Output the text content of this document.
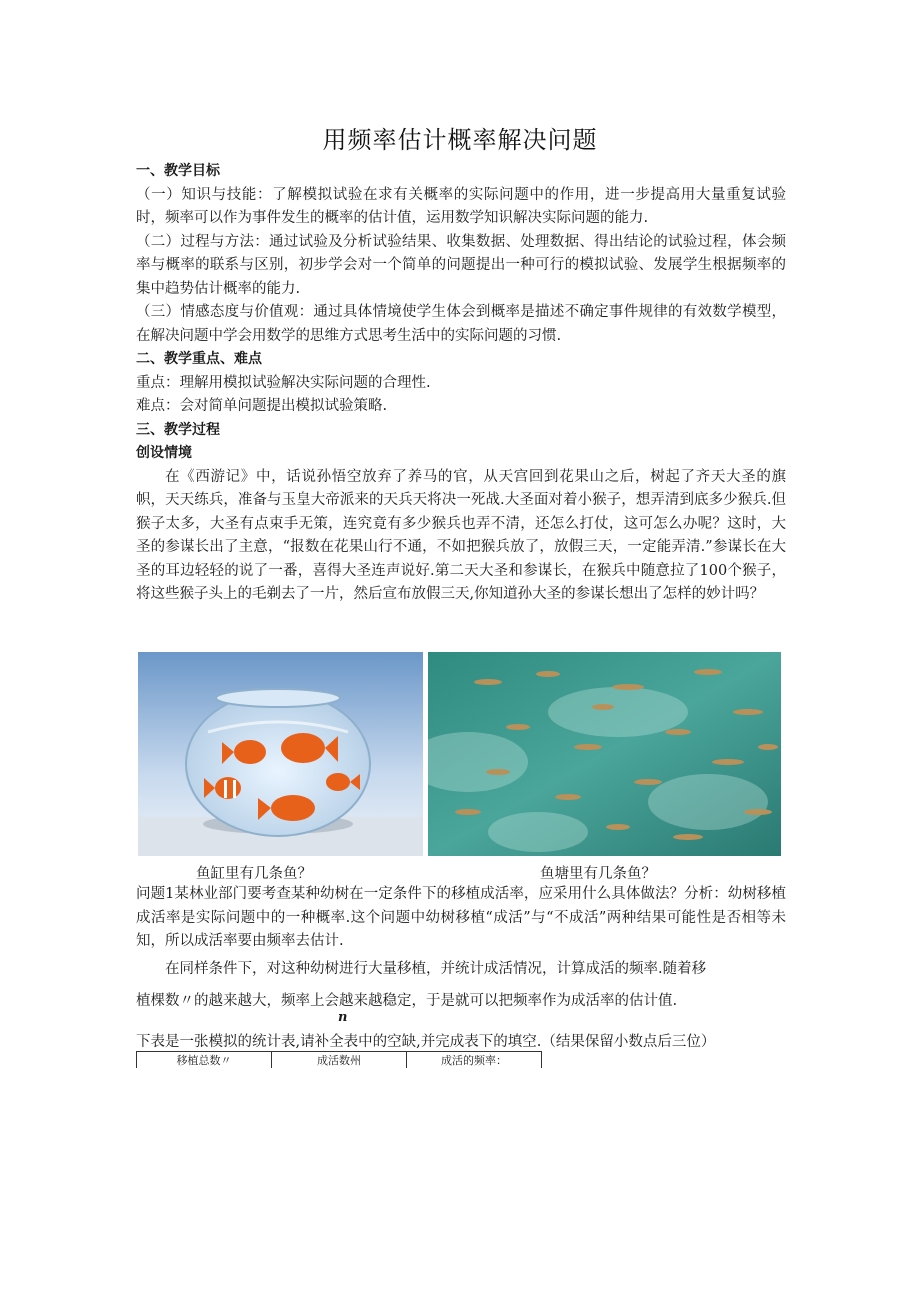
用频率估计概率解决问题

一、教学目标

（一）知识与技能：了解模拟试验在求有关概率的实际问题中的作用，进一步提高用大量重复试验时，频率可以作为事件发生的概率的估计值，运用数学知识解决实际问题的能力.

（二）过程与方法：通过试验及分析试验结果、收集数据、处理数据、得出结论的试验过程，体会频率与概率的联系与区别，初步学会对一个简单的问题提出一种可行的模拟试验、发展学生根据频率的集中趋势估计概率的能力.

（三）情感态度与价值观：通过具体情境使学生体会到概率是描述不确定事件规律的有效数学模型，在解决问题中学会用数学的思维方式思考生活中的实际问题的习惯.

二、教学重点、难点

重点：理解用模拟试验解决实际问题的合理性.

难点：会对简单问题提出模拟试验策略.

三、教学过程

创设情境

在《西游记》中，话说孙悟空放弃了养马的官，从天宫回到花果山之后，树起了齐天大圣的旗帜，天天练兵，准备与玉皇大帝派来的天兵天将决一死战.大圣面对着小猴子，想弄清到底多少猴兵.但猴子太多，大圣有点束手无策，连究竟有多少猴兵也弄不清，还怎么打仗，这可怎么办呢？这时，大圣的参谋长出了主意，“报数在花果山行不通，不如把猴兵放了，放假三天，一定能弄清.”参谋长在大圣的耳边轻轻的说了一番，喜得大圣连声说好.第二天大圣和参谋长，在猴兵中随意拉了100个猴子，将这些猴子头上的毛剃去了一片，然后宣布放假三天,你知道孙大圣的参谋长想出了怎样的妙计吗？

鱼缸里有几条鱼？	鱼塘里有几条鱼？

问题1某林业部门要考查某种幼树在一定条件下的移植成活率，应采用什么具体做法？分析：幼树移植成活率是实际问题中的一种概率.这个问题中幼树移植“成活”与“不成活”两种结果可能性是否相等未知，所以成活率要由频率去估计.

在同样条件下，对这种幼树进行大量移植，并统计成活情况，计算成活的频率.随着移

植棵数〃的越来越大，频率上会越来越稳定，于是就可以把频率作为成活率的估计值.
n
下表是一张模拟的统计表,请补全表中的空缺,并完成表下的填空.（结果保留小数点后三位）
移植总数〃	成活数州	成活的频率：
